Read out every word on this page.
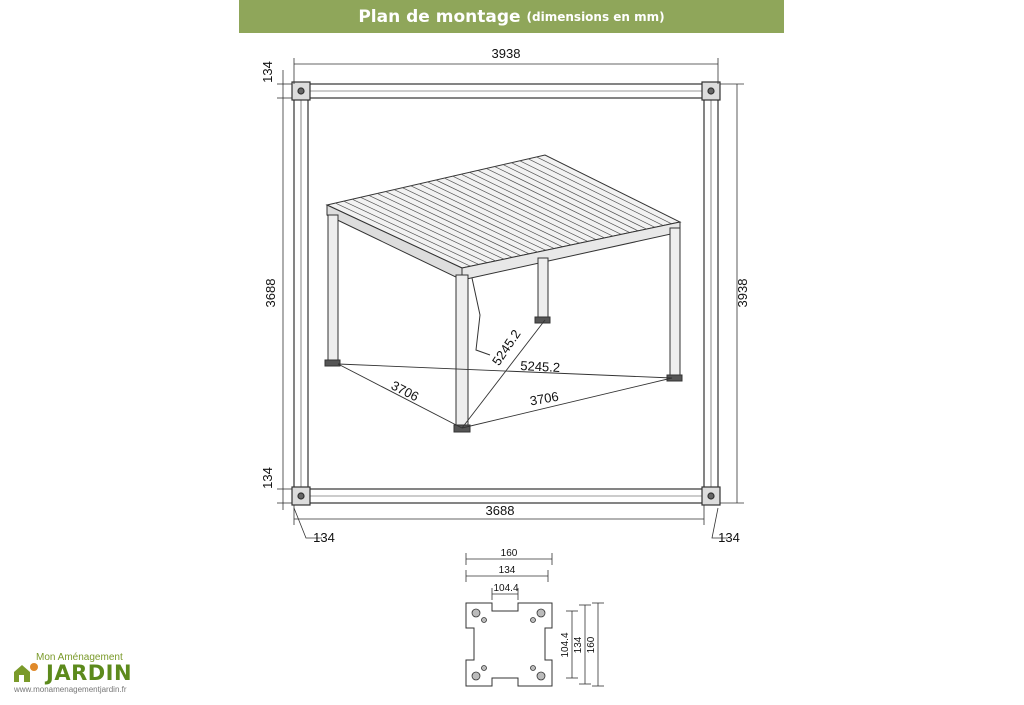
Plan de montage (dimensions en mm)
3938
3688
3688	3938
134
134
134	134
5245.2
5245.2
3706	3706
160
134
104.4
104.4 134 160
Mon Aménagement
JARDIN
www.monamenagementjardin.fr
